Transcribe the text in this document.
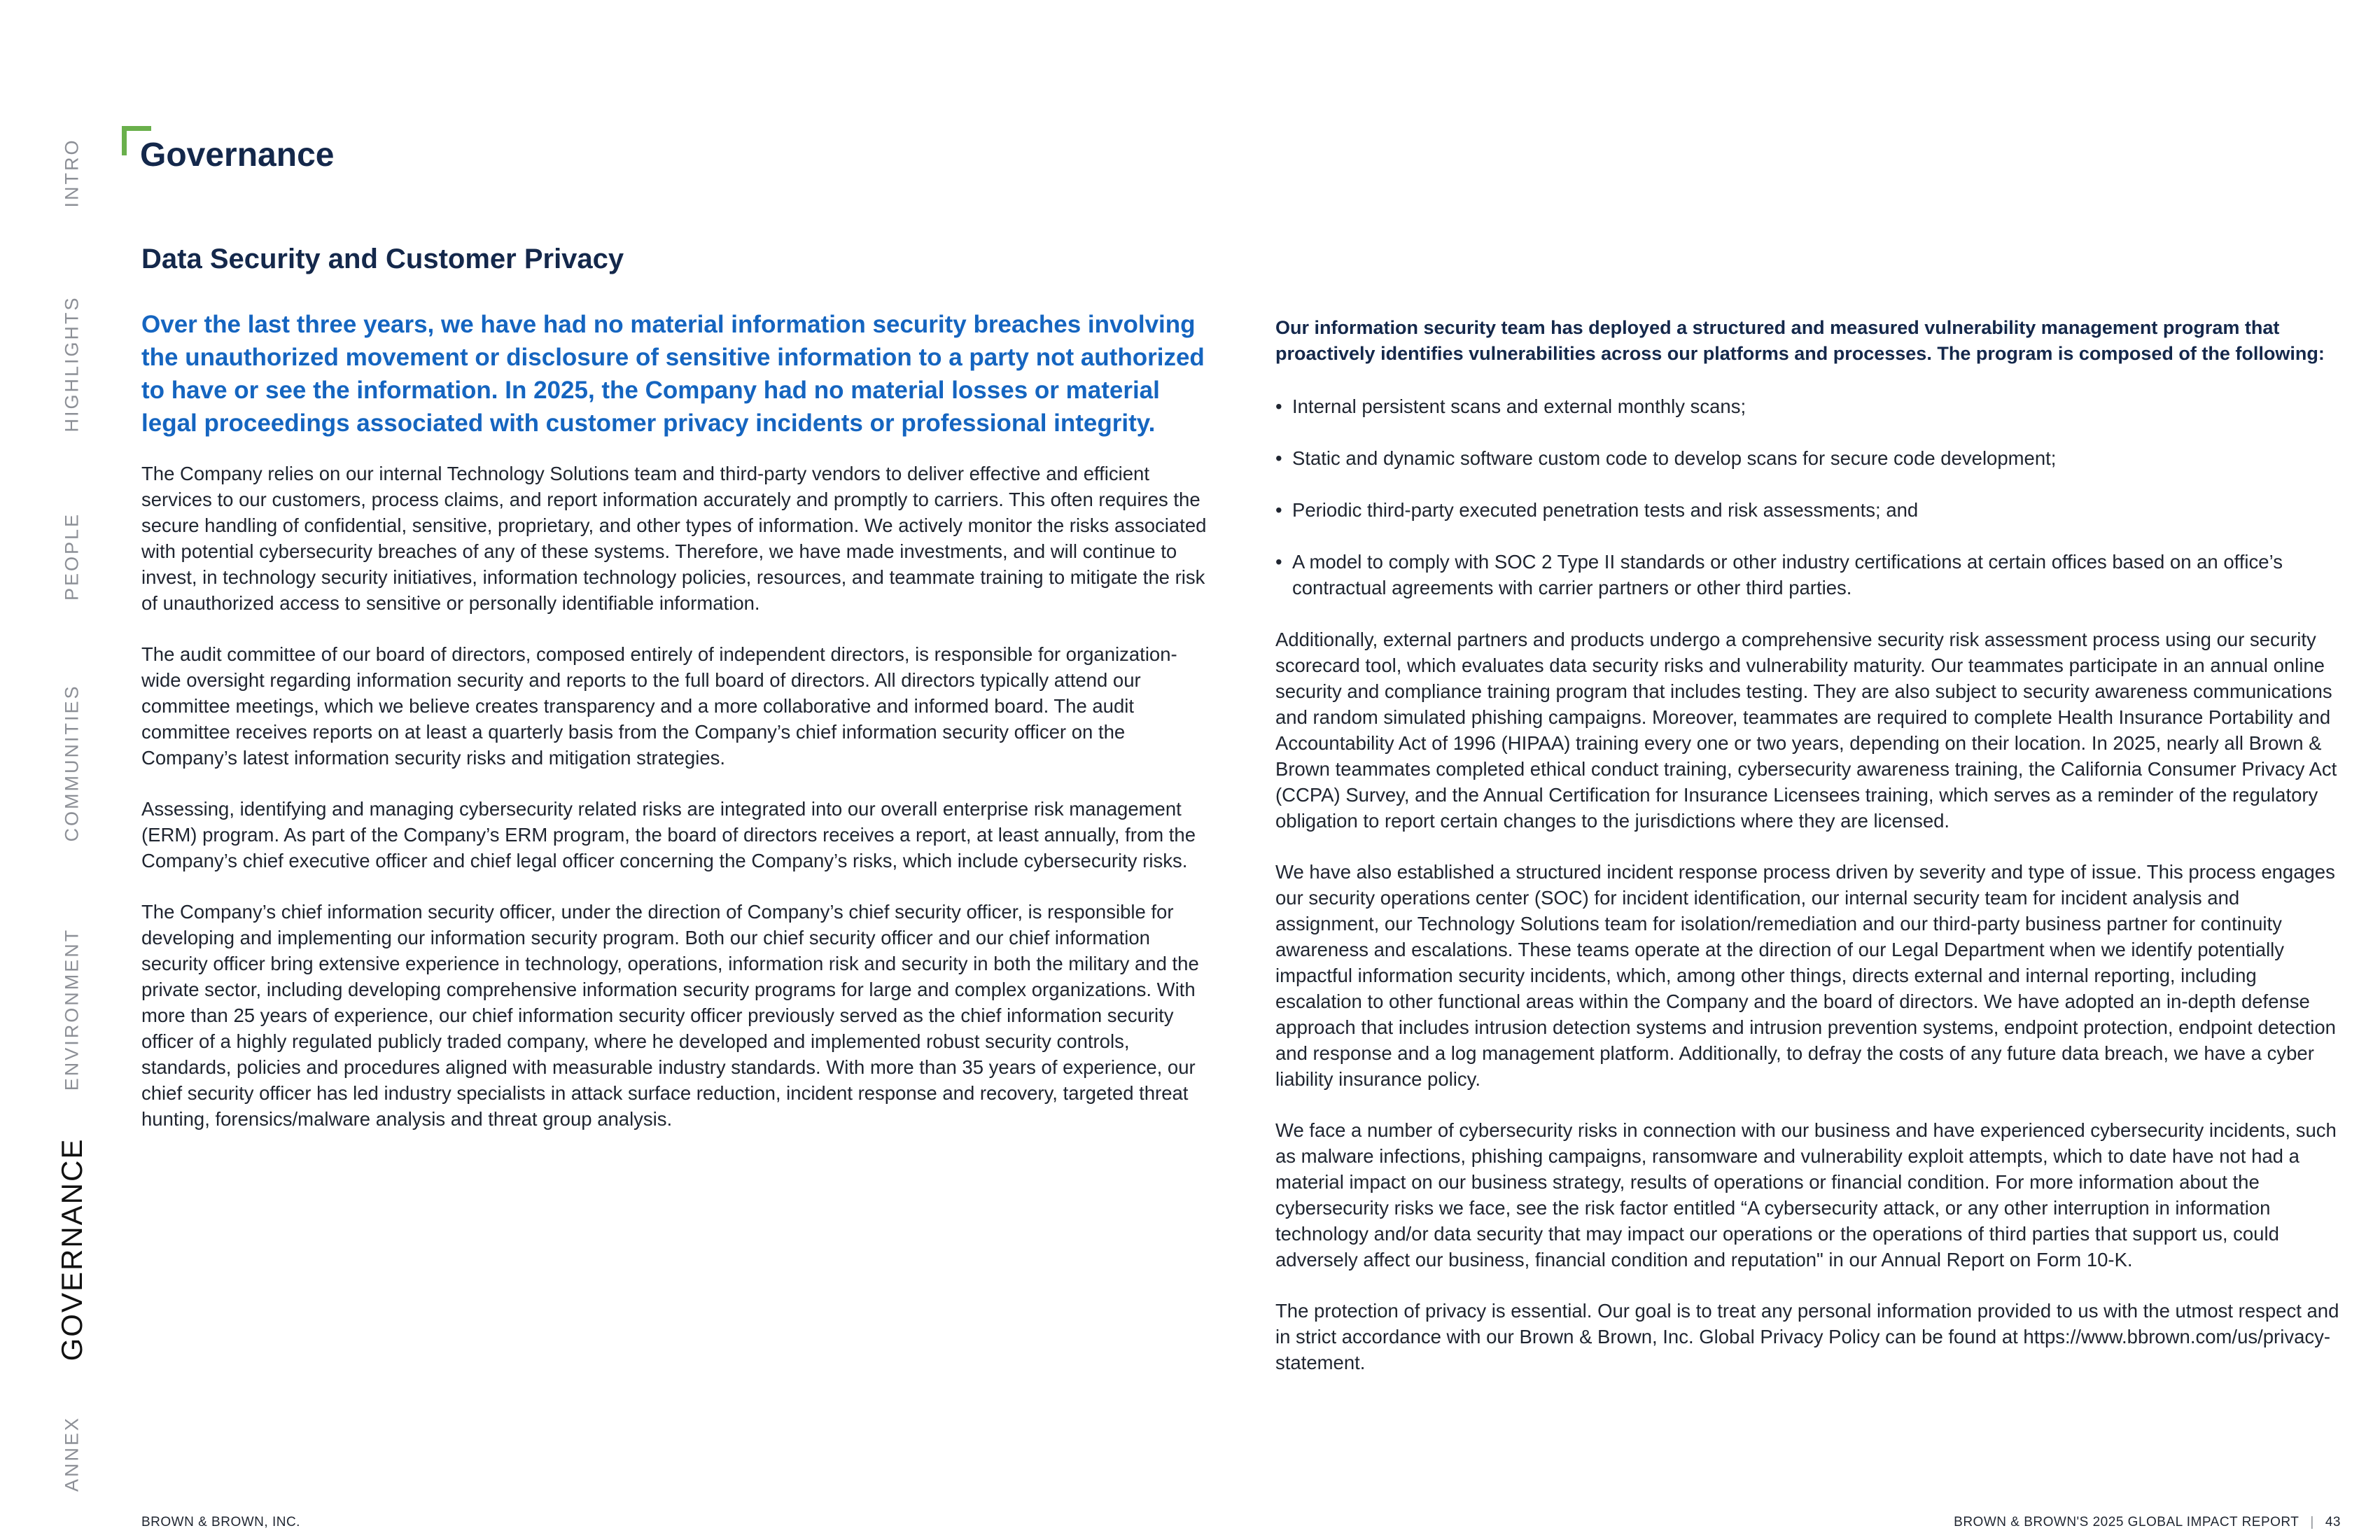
INTRO
HIGHLIGHTS
PEOPLE
COMMUNITIES
ENVIRONMENT
GOVERNANCE
ANNEX
Governance
Data Security and Customer Privacy

Over the last three years, we have had no material information security breaches involving the unauthorized movement or disclosure of sensitive information to a party not authorized to have or see the information. In 2025, the Company had no material losses or material legal proceedings associated with customer privacy incidents or professional integrity.

The Company relies on our internal Technology Solutions team and third-party vendors to deliver effective and efficient services to our customers, process claims, and report information accurately and promptly to carriers. This often requires the secure handling of confidential, sensitive, proprietary, and other types of information. We actively monitor the risks associated with potential cybersecurity breaches of any of these systems. Therefore, we have made investments, and will continue to invest, in technology security initiatives, information technology policies, resources, and teammate training to mitigate the risk of unauthorized access to sensitive or personally identifiable information.

The audit committee of our board of directors, composed entirely of independent directors, is responsible for organization-wide oversight regarding information security and reports to the full board of directors. All directors typically attend our committee meetings, which we believe creates transparency and a more collaborative and informed board. The audit committee receives reports on at least a quarterly basis from the Company’s chief information security officer on the Company’s latest information security risks and mitigation strategies.

Assessing, identifying and managing cybersecurity related risks are integrated into our overall enterprise risk management (ERM) program. As part of the Company’s ERM program, the board of directors receives a report, at least annually, from the Company’s chief executive officer and chief legal officer concerning the Company’s risks, which include cybersecurity risks.

The Company’s chief information security officer, under the direction of Company’s chief security officer, is responsible for developing and implementing our information security program. Both our chief security officer and our chief information security officer bring extensive experience in technology, operations, information risk and security in both the military and the private sector, including developing comprehensive information security programs for large and complex organizations. With more than 25 years of experience, our chief information security officer previously served as the chief information security officer of a highly regulated publicly traded company, where he developed and implemented robust security controls, standards, policies and procedures aligned with measurable industry standards. With more than 35 years of experience, our chief security officer has led industry specialists in attack surface reduction, incident response and recovery, targeted threat hunting, forensics/malware analysis and threat group analysis.

Our information security team has deployed a structured and measured vulnerability management program that proactively identifies vulnerabilities across our platforms and processes. The program is composed of the following:

• Internal persistent scans and external monthly scans;
• Static and dynamic software custom code to develop scans for secure code development;
• Periodic third-party executed penetration tests and risk assessments; and
• A model to comply with SOC 2 Type II standards or other industry certifications at certain offices based on an office’s contractual agreements with carrier partners or other third parties.

Additionally, external partners and products undergo a comprehensive security risk assessment process using our security scorecard tool, which evaluates data security risks and vulnerability maturity. Our teammates participate in an annual online security and compliance training program that includes testing. They are also subject to security awareness communications and random simulated phishing campaigns. Moreover, teammates are required to complete Health Insurance Portability and Accountability Act of 1996 (HIPAA) training every one or two years, depending on their location. In 2025, nearly all Brown & Brown teammates completed ethical conduct training, cybersecurity awareness training, the California Consumer Privacy Act (CCPA) Survey, and the Annual Certification for Insurance Licensees training, which serves as a reminder of the regulatory obligation to report certain changes to the jurisdictions where they are licensed.

We have also established a structured incident response process driven by severity and type of issue. This process engages our security operations center (SOC) for incident identification, our internal security team for incident analysis and assignment, our Technology Solutions team for isolation/remediation and our third-party business partner for continuity awareness and escalations. These teams operate at the direction of our Legal Department when we identify potentially impactful information security incidents, which, among other things, directs external and internal reporting, including escalation to other functional areas within the Company and the board of directors. We have adopted an in-depth defense approach that includes intrusion detection systems and intrusion prevention systems, endpoint protection, endpoint detection and response and a log management platform. Additionally, to defray the costs of any future data breach, we have a cyber liability insurance policy.

We face a number of cybersecurity risks in connection with our business and have experienced cybersecurity incidents, such as malware infections, phishing campaigns, ransomware and vulnerability exploit attempts, which to date have not had a material impact on our business strategy, results of operations or financial condition. For more information about the cybersecurity risks we face, see the risk factor entitled “A cybersecurity attack, or any other interruption in information technology and/or data security that may impact our operations or the operations of third parties that support us, could adversely affect our business, financial condition and reputation" in our Annual Report on Form 10-K.

The protection of privacy is essential. Our goal is to treat any personal information provided to us with the utmost respect and in strict accordance with our Brown & Brown, Inc. Global Privacy Policy can be found at https://www.bbrown.com/us/privacy-statement.

BROWN & BROWN, INC.	BROWN & BROWN'S 2025 GLOBAL IMPACT REPORT | 43
